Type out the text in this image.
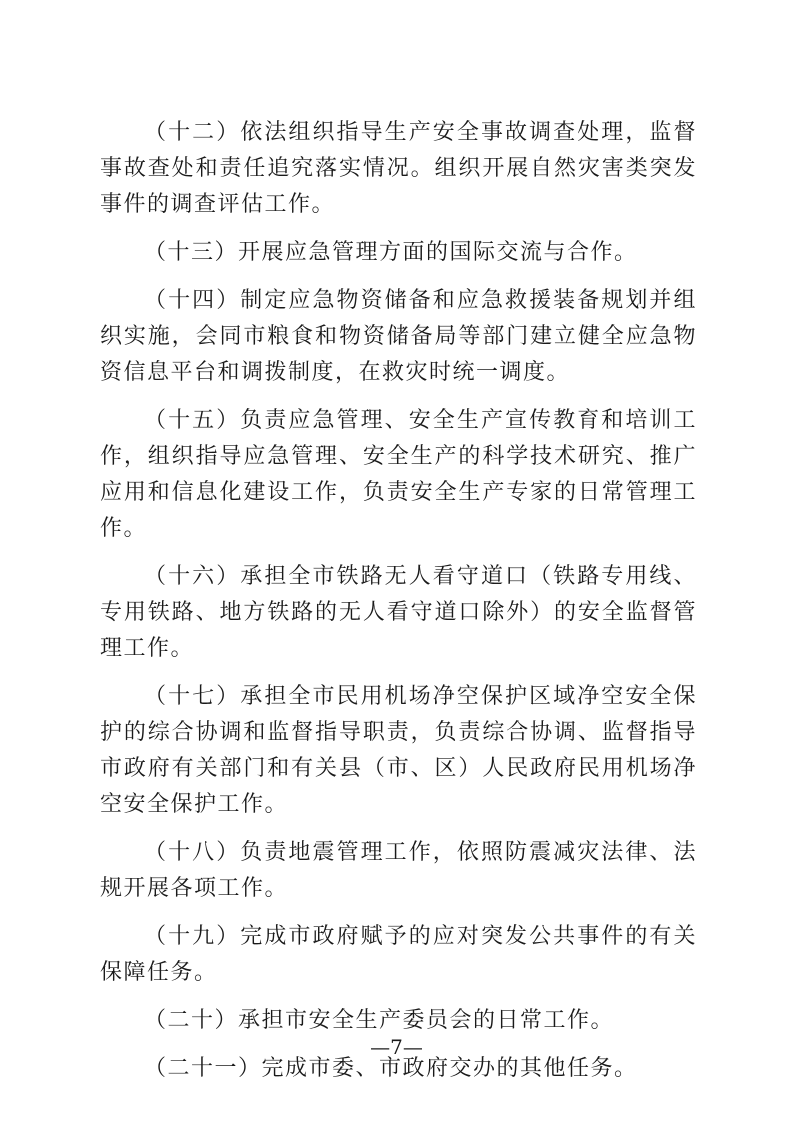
（十二）依法组织指导生产安全事故调查处理，监督事故查处和责任追究落实情况。组织开展自然灾害类突发事件的调查评估工作。

（十三）开展应急管理方面的国际交流与合作。

（十四）制定应急物资储备和应急救援装备规划并组织实施，会同市粮食和物资储备局等部门建立健全应急物资信息平台和调拨制度，在救灾时统一调度。

（十五）负责应急管理、安全生产宣传教育和培训工作，组织指导应急管理、安全生产的科学技术研究、推广应用和信息化建设工作，负责安全生产专家的日常管理工作。

（十六）承担全市铁路无人看守道口（铁路专用线、专用铁路、地方铁路的无人看守道口除外）的安全监督管理工作。

（十七）承担全市民用机场净空保护区域净空安全保护的综合协调和监督指导职责，负责综合协调、监督指导市政府有关部门和有关县（市、区）人民政府民用机场净空安全保护工作。

（十八）负责地震管理工作，依照防震减灾法律、法规开展各项工作。

（十九）完成市政府赋予的应对突发公共事件的有关保障任务。

（二十）承担市安全生产委员会的日常工作。

（二十一）完成市委、市政府交办的其他任务。

—7—
